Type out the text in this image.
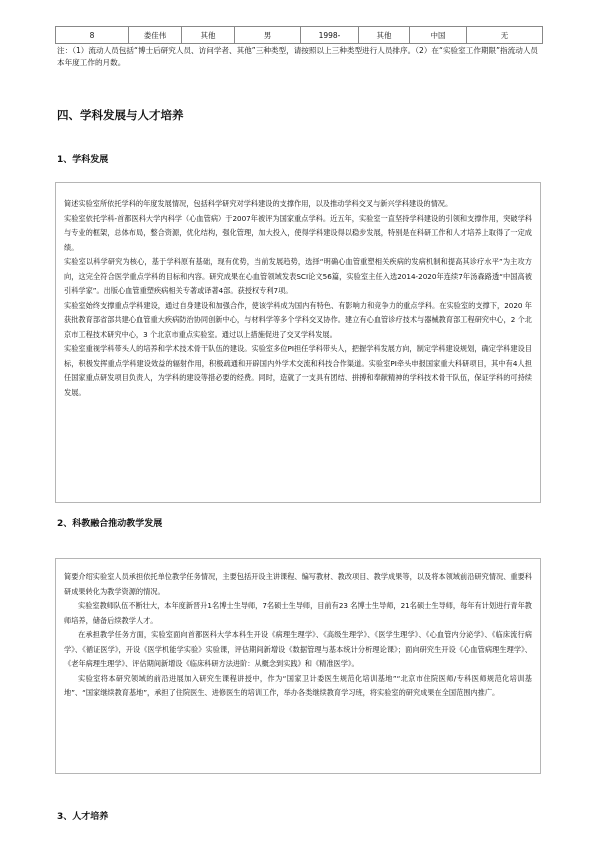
8	娄佳伟	其他	男	1998-	其他	中国	无
注：（1）流动人员包括“博士后研究人员、访问学者、其他”三种类型，请按照以上三种类型进行人员排序。（2）在“实验室工作期限”指流动人员本年度工作的月数。
四、学科发展与人才培养
1、学科发展

简述实验室所依托学科的年度发展情况，包括科学研究对学科建设的支撑作用，以及推动学科交叉与新兴学科建设的情况。

实验室依托学科-首都医科大学内科学（心血管病）于2007年被评为国家重点学科。近五年，实验室一直坚持学科建设的引领和支撑作用，突破学科与专业的框架，总体布局，整合资源，优化结构，强化管理，加大投入，使得学科建设得以稳步发展，特别是在科研工作和人才培养上取得了一定成绩。

实验室以科学研究为核心，基于学科原有基础，现有优势，当前发展趋势，选择“明确心血管重塑相关疾病的发病机制和提高其诊疗水平”为主攻方向，这完全符合医学重点学科的目标和内容。研究成果在心血管领域发表SCI论文56篇，实验室主任入选2014-2020年连续7年汤森路透“中国高被引科学家”。出版心血管重塑疾病相关专著或译著4部。获授权专利7项。

实验室始终支撑重点学科建设，通过自身建设和加强合作，使该学科成为国内有特色、有影响力和竞争力的重点学科。在实验室的支撑下，2020 年获批教育部省部共建心血管重大疾病防治协同创新中心，与材料学等多个学科交叉协作。建立有心血管诊疗技术与器械教育部工程研究中心，2 个北京市工程技术研究中心，3 个北京市重点实验室。通过以上措施促进了交叉学科发展。

实验室重视学科带头人的培养和学术技术骨干队伍的建设。实验室多位PI担任学科带头人，把握学科发展方向，制定学科建设规划，确定学科建设目标，积极发挥重点学科建设效益的辐射作用，积极疏通和开辟国内外学术交流和科技合作渠道。实验室PI牵头申报国家重大科研项目，其中有4人担任国家重点研发项目负责人，为学科的建设等措必要的经费。同时，造就了一支具有团结、拼搏和奉献精神的学科技术骨干队伍，保证学科的可持续发展。

2、科教融合推动教学发展

简要介绍实验室人员承担依托单位教学任务情况，主要包括开设主讲课程、编写教材、教改项目、教学成果等，以及将本领域前沿研究情况、重要科研成果转化为教学资源的情况。

实验室教师队伍不断壮大，本年度新晋升1名博士生导师，7名硕士生导师，目前有23 名博士生导师，21名硕士生导师，每年有计划进行青年教师培养，储备后续教学人才。

在承担教学任务方面，实验室面向首都医科大学本科生开设《病理生理学》、《高级生理学》、《医学生理学》、《心血管内分泌学》、《临床流行病学》、《循证医学》，开设《医学机能学实验》实验课，评估期间新增设《数据管理与基本统计分析理论课》；面向研究生开设《心血管病理生理学》、《老年病理生理学》、评估期间新增设《临床科研方法进阶：从概念到实践》和《精准医学》。

实验室将本研究领域的前沿进展加入研究生课程讲授中，作为“国家卫计委医生规范化培训基地”“北京市住院医师/专科医师规范化培训基地”、“国家继续教育基地”，承担了住院医生、进修医生的培训工作，举办各类继续教育学习班，将实验室的研究成果在全国范围内推广。

3、人才培养
